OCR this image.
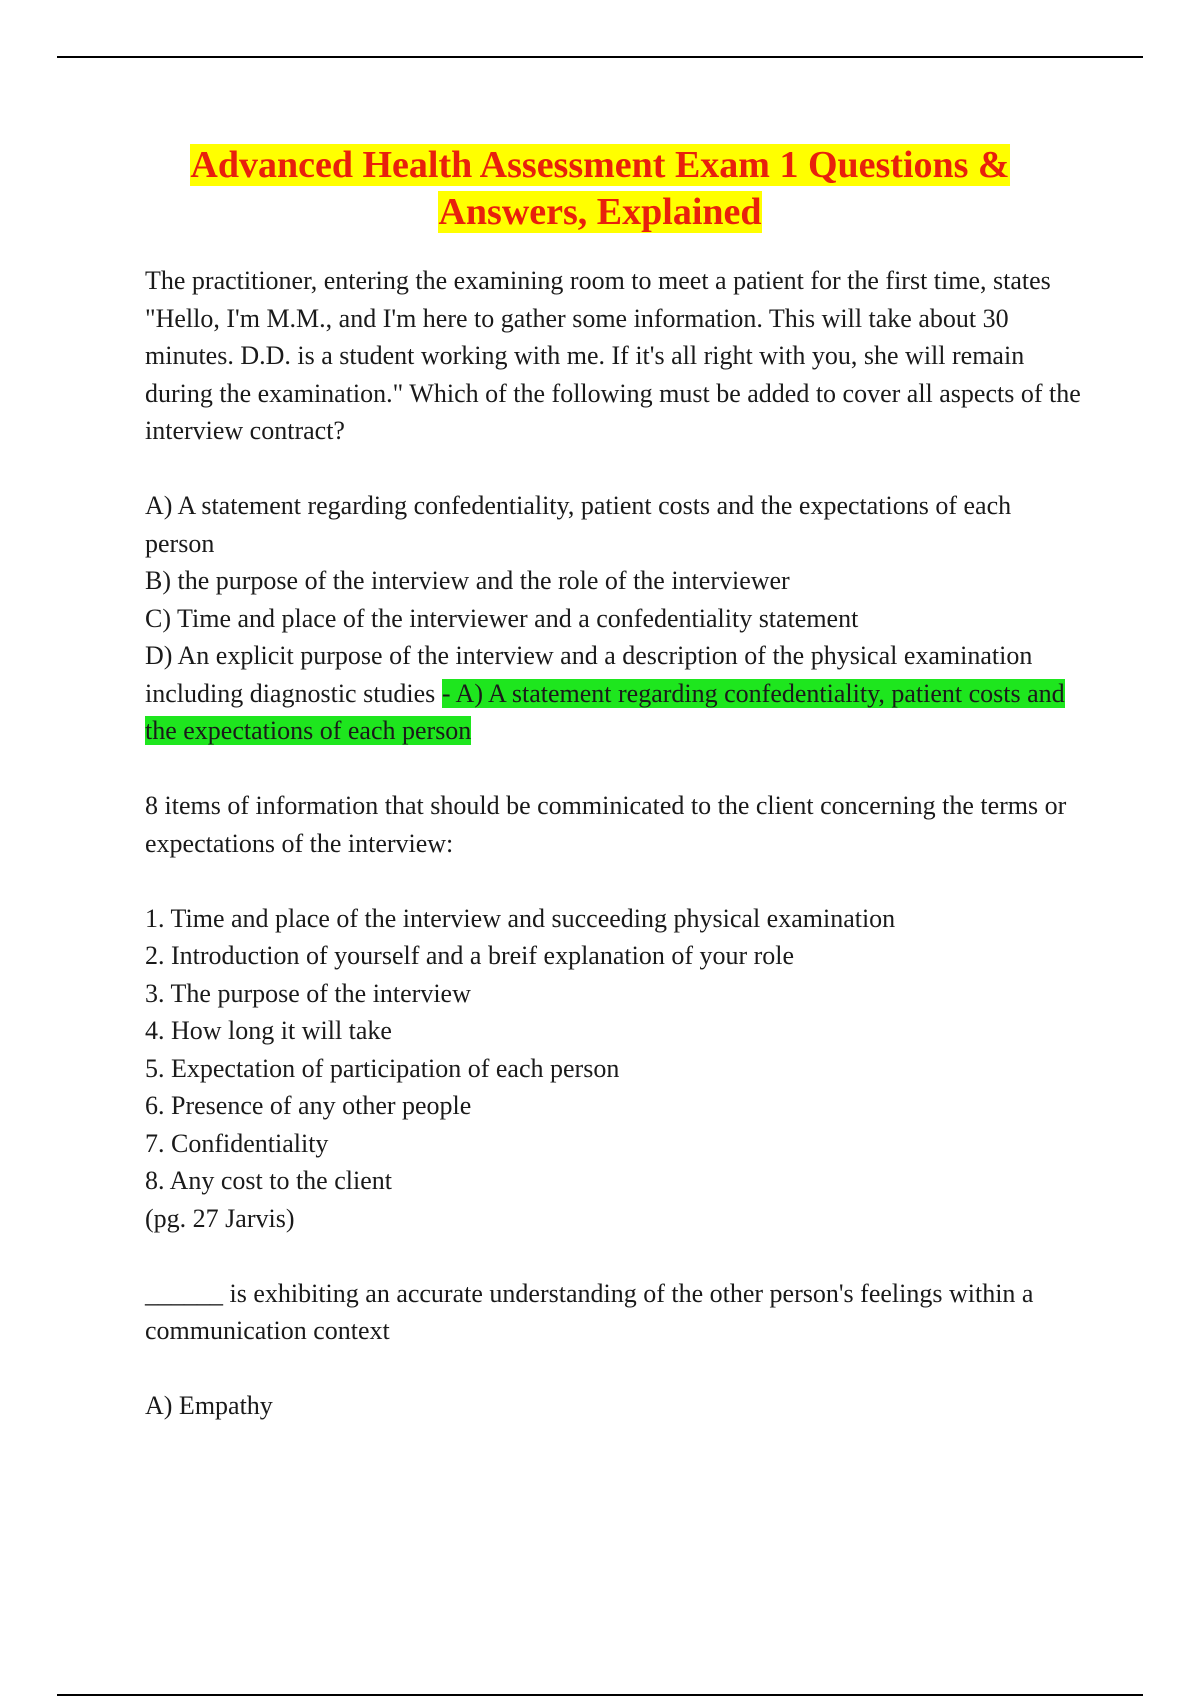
Advanced Health Assessment Exam 1 Questions &
Answers, Explained

The practitioner, entering the examining room to meet a patient for the first time, states "Hello, I'm M.M., and I'm here to gather some information. This will take about 30 minutes. D.D. is a student working with me. If it's all right with you, she will remain during the examination." Which of the following must be added to cover all aspects of the interview contract?

A) A statement regarding confedentiality, patient costs and the expectations of each person

B) the purpose of the interview and the role of the interviewer

C) Time and place of the interviewer and a confedentiality statement

D) An explicit purpose of the interview and a description of the physical examination including diagnostic studies - A) A statement regarding confedentiality, patient costs and the expectations of each person

8 items of information that should be comminicated to the client concerning the terms or expectations of the interview:

1. Time and place of the interview and succeeding physical examination

2. Introduction of yourself and a breif explanation of your role

3. The purpose of the interview

4. How long it will take

5. Expectation of participation of each person

6. Presence of any other people

7. Confidentiality

8. Any cost to the client

(pg. 27 Jarvis)

______ is exhibiting an accurate understanding of the other person's feelings within a communication context

A) Empathy
